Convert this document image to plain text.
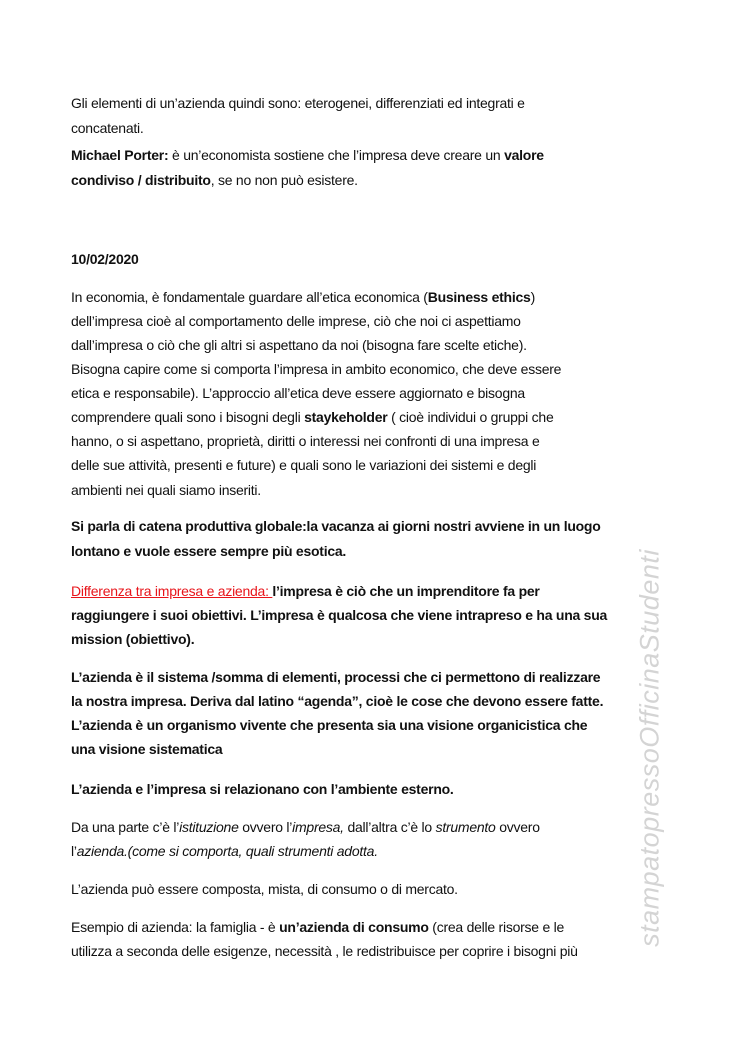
Gli elementi di un’azienda quindi sono: eterogenei, differenziati ed integrati e
concatenati.
Michael Porter: è un’economista sostiene che l’impresa deve creare un valore
condiviso / distribuito, se no non può esistere.
10/02/2020
In economia, è fondamentale guardare all’etica economica (Business ethics)
dell’impresa cioè al comportamento delle imprese, ciò che noi ci aspettiamo
dall’impresa o ciò che gli altri si aspettano da noi (bisogna fare scelte etiche).
Bisogna capire come si comporta l’impresa in ambito economico, che deve essere
etica e responsabile). L’approccio all’etica deve essere aggiornato e bisogna
comprendere quali sono i bisogni degli staykeholder ( cioè individui o gruppi che
hanno, o si aspettano, proprietà, diritti o interessi nei confronti di una impresa e
delle sue attività, presenti e future) e quali sono le variazioni dei sistemi e degli
ambienti nei quali siamo inseriti.
Si parla di catena produttiva globale:la vacanza ai giorni nostri avviene in un luogo
lontano e vuole essere sempre più esotica.
Differenza tra impresa e azienda: l’impresa è ciò che un imprenditore fa per
raggiungere i suoi obiettivi. L’impresa è qualcosa che viene intrapreso e ha una sua
mission (obiettivo).
L’azienda è il sistema /somma di elementi, processi che ci permettono di realizzare
la nostra impresa. Deriva dal latino “agenda”, cioè le cose che devono essere fatte.
L’azienda è un organismo vivente che presenta sia una visione organicistica che
una visione sistematica
L’azienda e l’impresa si relazionano con l’ambiente esterno.
Da una parte c’è l’istituzione ovvero l’impresa, dall’altra c’è lo strumento ovvero
l’azienda.(come si comporta, quali strumenti adotta.
L’azienda può essere composta, mista, di consumo o di mercato.
Esempio di azienda: la famiglia - è un’azienda di consumo (crea delle risorse e le
utilizza a seconda delle esigenze, necessità , le redistribuisce per coprire i bisogni più
stampatopressoOfficinaStudenti
